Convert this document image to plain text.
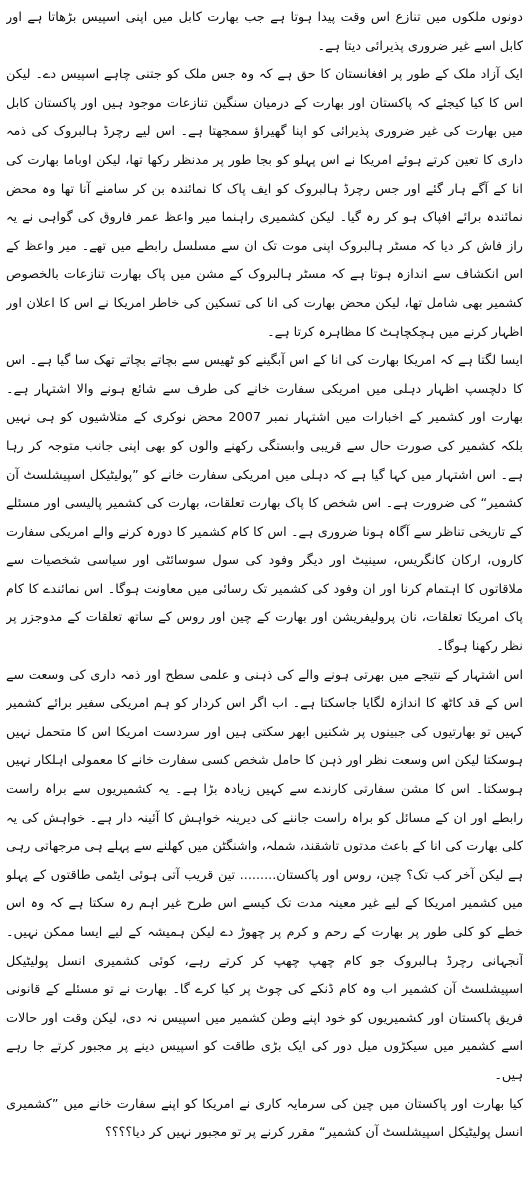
دونوں ملکوں میں تنازع اس وقت پیدا ہوتا ہے جب بھارت کابل میں اپنی اسپیس بڑھاتا ہے اور کابل اسے غیر ضروری پذیرائی دیتا ہے۔

ایک آزاد ملک کے طور پر افغانستان کا حق ہے کہ وہ جس ملک کو جتنی چاہے اسپیس دے۔ لیکن اس کا کیا کیجئے کہ پاکستان اور بھارت کے درمیان سنگین تنازعات موجود ہیں اور پاکستان کابل میں بھارت کی غیر ضروری پذیرائی کو اپنا گھیراؤ سمجھتا ہے۔ اس لیے رچرڈ ہالبروک کی ذمہ داری کا تعین کرتے ہوئے امریکا نے اس پہلو کو بجا طور پر مدنظر رکھا تھا، لیکن اوباما بھارت کی انا کے آگے ہار گئے اور جس رچرڈ ہالبروک کو ایف پاک کا نمائندہ بن کر سامنے آنا تھا وہ محض نمائندہ برائے افپاک ہو کر رہ گیا۔ لیکن کشمیری راہنما میر واعظ عمر فاروق کی گواہی نے یہ راز فاش کر دیا کہ مسٹر ہالبروک اپنی موت تک ان سے مسلسل رابطے میں تھے۔ میر واعظ کے اس انکشاف سے اندازہ ہوتا ہے کہ مسٹر ہالبروک کے مشن میں پاک بھارت تنازعات بالخصوص کشمیر بھی شامل تھا، لیکن محض بھارت کی انا کی تسکین کی خاطر امریکا نے اس کا اعلان اور اظہار کرنے میں ہچکچاہٹ کا مظاہرہ کرتا ہے۔

ایسا لگتا ہے کہ امریکا بھارت کی انا کے اس آبگینے کو ٹھیس سے بچاتے بچاتے تھک سا گیا ہے۔ اس کا دلچسپ اظہار دہلی میں امریکی سفارت خانے کی طرف سے شائع ہونے والا اشتہار ہے۔ بھارت اور کشمیر کے اخبارات میں اشتہار نمبر 2007 محض نوکری کے متلاشیوں کو ہی نہیں بلکہ کشمیر کی صورت حال سے قریبی وابستگی رکھنے والوں کو بھی اپنی جانب متوجہ کر رہا ہے۔ اس اشتہار میں کہا گیا ہے کہ دہلی میں امریکی سفارت خانے کو ”پولیٹیکل اسپیشلسٹ آن کشمیر“ کی ضرورت ہے۔ اس شخص کا پاک بھارت تعلقات، بھارت کی کشمیر پالیسی اور مسئلے کے تاریخی تناظر سے آگاہ ہونا ضروری ہے۔ اس کا کام کشمیر کا دورہ کرنے والے امریکی سفارت کاروں، ارکان کانگریس، سینیٹ اور دیگر وفود کی سول سوسائٹی اور سیاسی شخصیات سے ملاقاتوں کا اہتمام کرنا اور ان وفود کی کشمیر تک رسائی میں معاونت ہوگا۔ اس نمائندے کا کام پاک امریکا تعلقات، نان پرولیفریشن اور بھارت کے چین اور روس کے ساتھ تعلقات کے مدوجزر پر نظر رکھنا ہوگا۔

اس اشتہار کے نتیجے میں بھرتی ہونے والے کی ذہنی و علمی سطح اور ذمہ داری کی وسعت سے اس کے قد کاٹھ کا اندازہ لگایا جاسکتا ہے۔ اب اگر اس کردار کو ہم امریکی سفیر برائے کشمیر کہیں تو بھارتیوں کی جبینوں پر شکنیں ابھر سکتی ہیں اور سردست امریکا اس کا متحمل نہیں ہوسکتا لیکن اس وسعت نظر اور ذہن کا حامل شخص کسی سفارت خانے کا معمولی اہلکار نہیں ہوسکتا۔ اس کا مشن سفارتی کارندے سے کہیں زیادہ بڑا ہے۔ یہ کشمیریوں سے براہ راست رابطے اور ان کے مسائل کو براہ راست جاننے کی دیرینہ خواہش کا آئینہ دار ہے۔ خواہش کی یہ کلی بھارت کی انا کے باعث مدتوں تاشقند، شملہ، واشنگٹن میں کھلنے سے پہلے ہی مرجھاتی رہی ہے لیکن آخر کب تک؟ چین، روس اور پاکستان......... تین قریب آتی ہوئی ایٹمی طاقتوں کے پہلو میں کشمیر امریکا کے لیے غیر معینہ مدت تک کیسے اس طرح غیر اہم رہ سکتا ہے کہ وہ اس خطے کو کلی طور پر بھارت کے رحم و کرم پر چھوڑ دے لیکن ہمیشہ کے لیے ایسا ممکن نہیں۔ آنجہانی رچرڈ ہالبروک جو کام چھپ چھپ کر کرتے رہے، کوئی کشمیری انسل پولیٹیکل اسپیشلسٹ آن کشمیر اب وہ کام ڈنکے کی چوٹ پر کیا کرے گا۔ بھارت نے تو مسئلے کے قانونی فریق پاکستان اور کشمیریوں کو خود اپنے وطن کشمیر میں اسپیس نہ دی، لیکن وقت اور حالات اسے کشمیر میں سیکڑوں میل دور کی ایک بڑی طاقت کو اسپیس دینے پر مجبور کرتے جا رہے ہیں۔

کیا بھارت اور پاکستان میں چین کی سرمایہ کاری نے امریکا کو اپنے سفارت خانے میں ”کشمیری انسل پولیٹیکل اسپیشلسٹ آن کشمیر“ مقرر کرنے پر تو مجبور نہیں کر دیا؟؟؟؟
